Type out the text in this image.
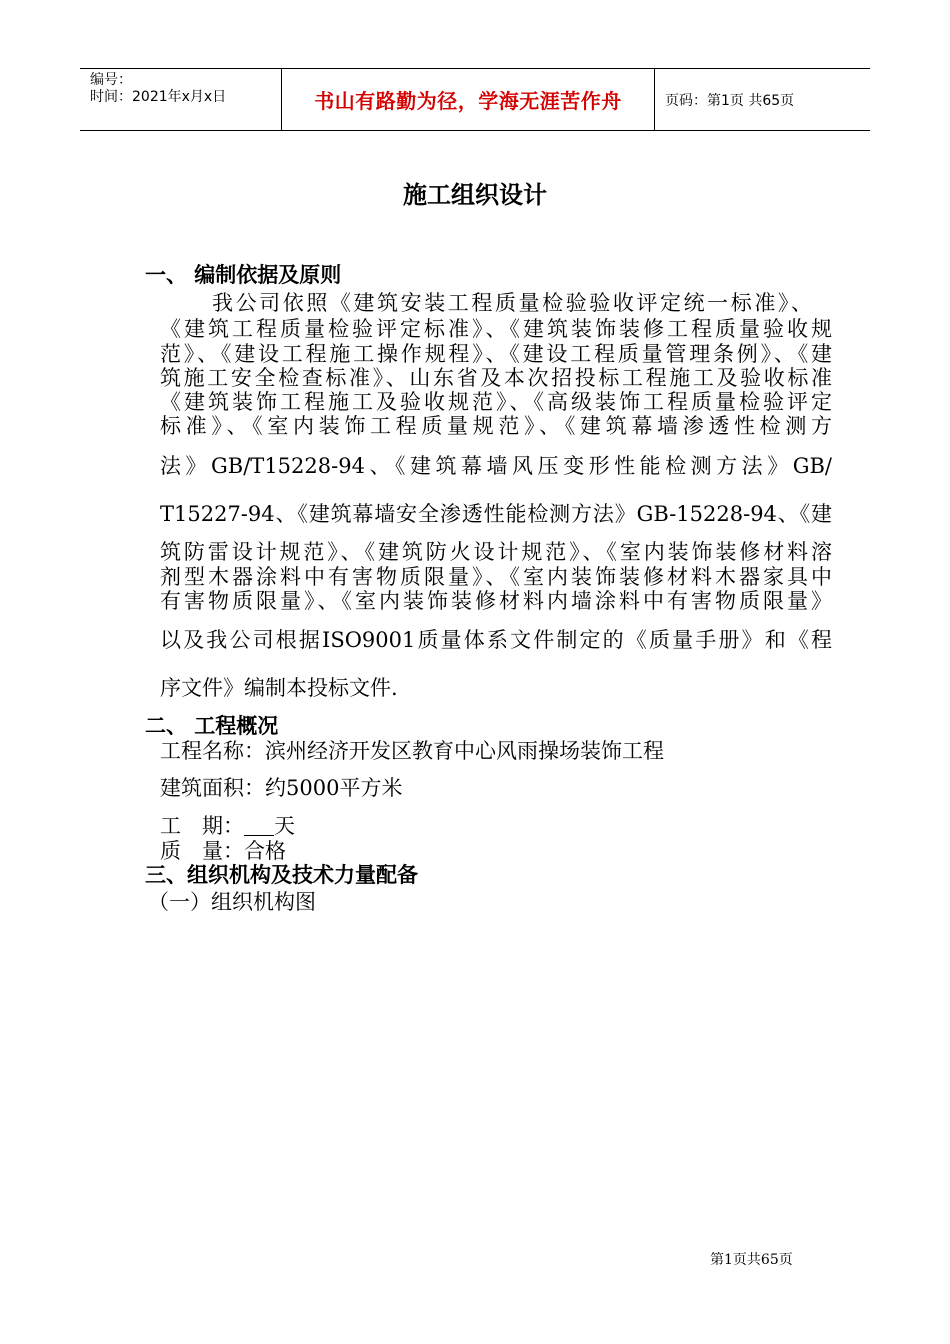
编号：
时间：2021年x月x日	书山有路勤为径，学海无涯苦作舟	页码：第1页 共65页
施工组织设计
一、 编制依据及原则
我公司依照《建筑安装工程质量检验验收评定统一标准》、
《建筑工程质量检验评定标准》、《建筑装饰装修工程质量验收规
范》、《建设工程施工操作规程》、《建设工程质量管理条例》、《建
筑施工安全检查标准》、山东省及本次招投标工程施工及验收标准
《建筑装饰工程施工及验收规范》、《高级装饰工程质量检验评定
标准》、《室内装饰工程质量规范》、《建筑幕墙渗透性检测方
法》GB/T15228-94、《建筑幕墙风压变形性能检测方法》GB/
T15227-94、《建筑幕墙安全渗透性能检测方法》GB-15228-94、《建
筑防雷设计规范》、《建筑防火设计规范》、《室内装饰装修材料溶
剂型木器涂料中有害物质限量》、《室内装饰装修材料木器家具中
有害物质限量》、《室内装饰装修材料内墙涂料中有害物质限量》
以及我公司根据ISO9001质量体系文件制定的《质量手册》和《程
序文件》编制本投标文件.
二、 工程概况
工程名称：滨州经济开发区教育中心风雨操场装饰工程
建筑面积：约5000平方米
工　期： 天
质　量：合格
三、组织机构及技术力量配备
（一）组织机构图
第1页共65页
